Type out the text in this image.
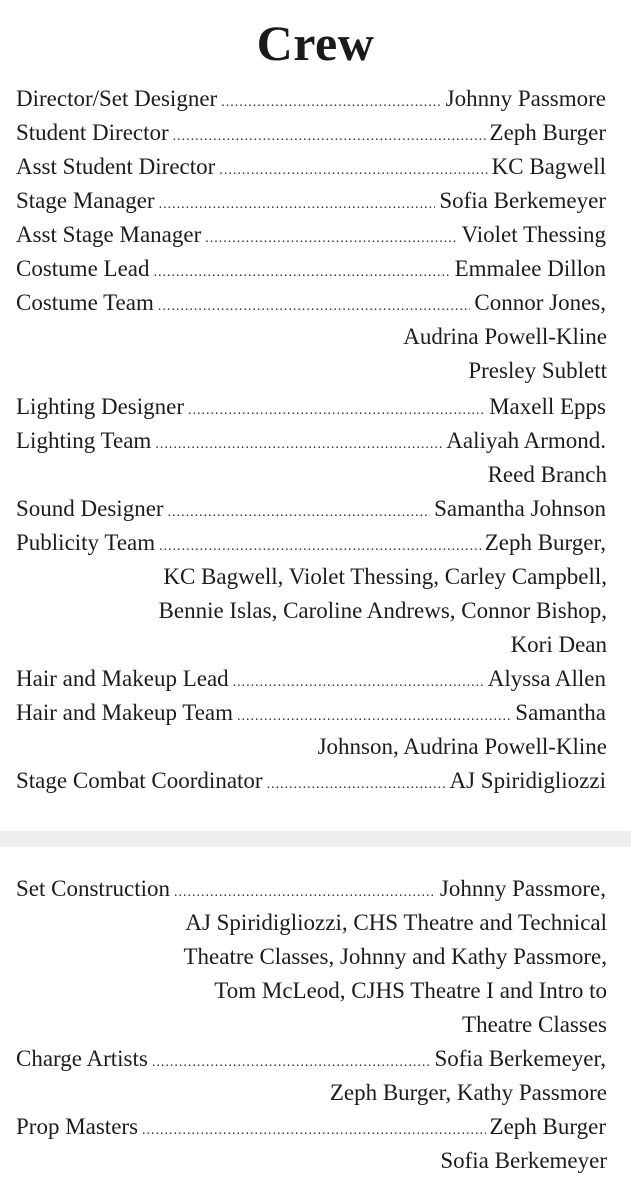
Crew
Director/Set Designer .....	Johnny Passmore
Student Director .....	Zeph Burger
Asst Student Director .....	KC Bagwell
Stage Manager .....	Sofia Berkemeyer
Asst Stage Manager .....	Violet Thessing
Costume Lead .....	Emmalee Dillon
Costume Team .....	Connor Jones,
Audrina Powell-Kline
Presley Sublett
Lighting Designer .....	Maxell Epps
Lighting Team .....	Aaliyah Armond.
Reed Branch
Sound Designer .....	Samantha Johnson
Publicity Team .....	Zeph Burger,
KC Bagwell, Violet Thessing, Carley Campbell,
Bennie Islas, Caroline Andrews, Connor Bishop,
Kori Dean
Hair and Makeup Lead .....	Alyssa Allen
Hair and Makeup Team .....	Samantha
Johnson, Audrina Powell-Kline
Stage Combat Coordinator .....	AJ Spiridigliozzi
Set Construction .....	Johnny Passmore,
AJ Spiridigliozzi, CHS Theatre and Technical
Theatre Classes, Johnny and Kathy Passmore,
Tom McLeod, CJHS Theatre I and Intro to
Theatre Classes
Charge Artists .....	Sofia Berkemeyer,
Zeph Burger, Kathy Passmore
Prop Masters .....	Zeph Burger
Sofia Berkemeyer
